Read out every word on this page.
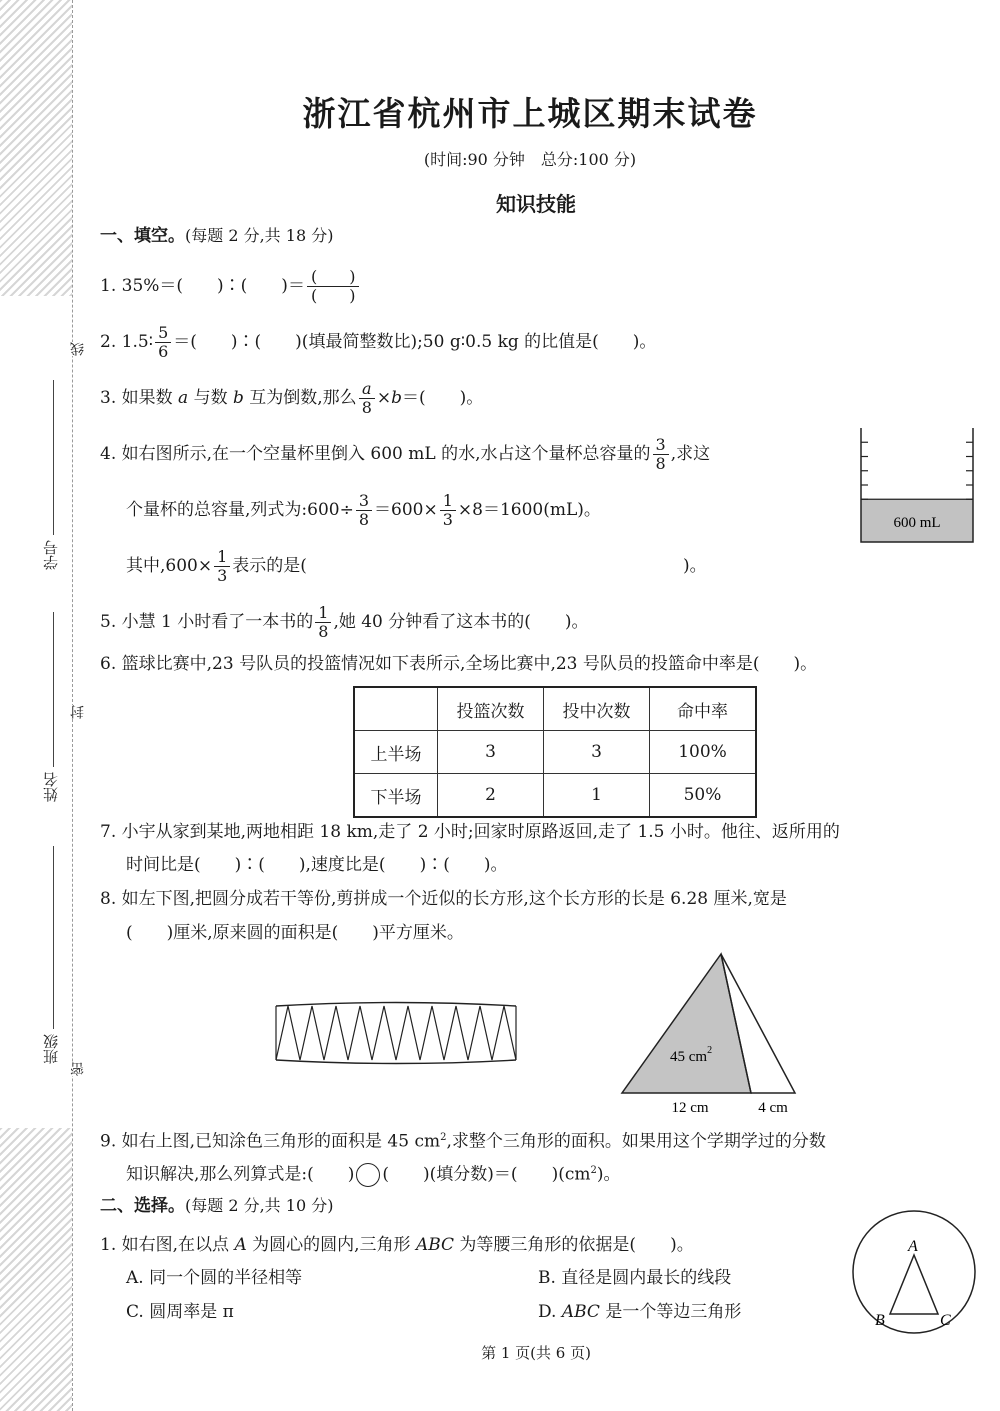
学号
姓名
班级
线
封
密
浙江省杭州市上城区期末试卷
(时间:90 分钟　总分:100 分)
知识技能
一、填空。(每题 2 分,共 18 分)
1. 35%＝(　　)∶(　　)＝ $\frac{( )}{( )}$
2. 1.5∶ $\frac{5}{6}$ ＝(　　)∶(　　)(填最简整数比);50 g∶0.5 kg 的比值是(　　)。
3. 如果数 a 与数 b 互为倒数,那么 $\frac{a}{8} \times b=$(　　)。
4. 如右图所示,在一个空量杯里倒入 600 mL 的水,水占这个量杯总容量的 $\frac{3}{8}$ ,求这
个量杯的总容量,列式为:600÷ $\frac{3}{8} =600\times \frac{1}{3} \times 8=1600(mL)$。
其中$,600\times \frac{1}{3}$ 表示的是(	)。
600 mL
5. 小慧 1 小时看了一本书的 $\frac{1}{8}$ ,她 40 分钟看了这本书的(　　)。
6. 篮球比赛中,23 号队员的投篮情况如下表所示,全场比赛中,23 号队员的投篮命中率是(　　)。
	投篮次数	投中次数	命中率
上半场	3	3	100%
下半场	2	1	50%
7. 小宇从家到某地,两地相距 18 km,走了 2 小时;回家时原路返回,走了 1.5 小时。他往、返所用的
时间比是(　　)∶(　　),速度比是(　　)∶(　　)。
8. 如左下图,把圆分成若干等份,剪拼成一个近似的长方形,这个长方形的长是 6.28 厘米,宽是
(　　)厘米,原来圆的面积是(　　)平方厘米。
45 $cm^2$
12 cm	4 cm
9. 如右上图,已知涂色三角形的面积是 45 $cm^2$,求整个三角形的面积。如果用这个学期学过的分数
知识解决,那么列算式是:(　　) (　　)(填分数)＝(　　)$(cm^2)$。
二、选择。(每题 2 分,共 10 分)
1. 如右图,在以点 A 为圆心的圆内,三角形 ABC 为等腰三角形的依据是(　　)。
A. 同一个圆的半径相等	B. 直径是圆内最长的线段
C. 圆周率是 π	D. ABC 是一个等边三角形
A
B	C
第 1 页(共 6 页)
